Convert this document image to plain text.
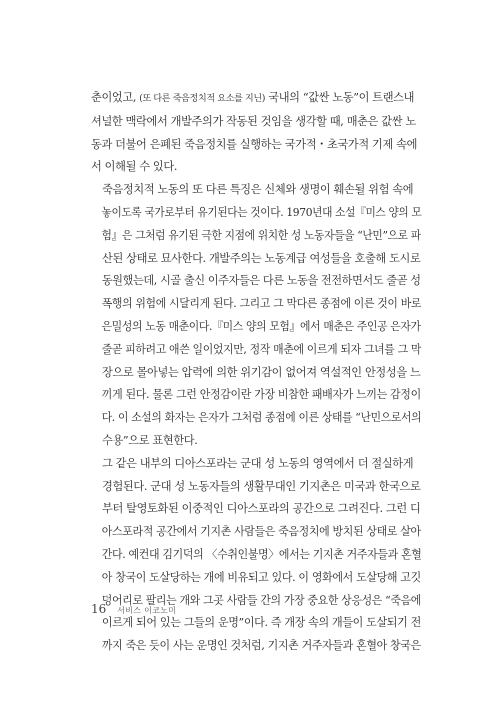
춘이었고, (또 다른 죽음정치적 요소를 지닌) 국내의 “값싼 노동”이 트랜스내
셔널한 맥락에서 개발주의가 작동된 것임을 생각할 때, 매춘은 값싼 노
동과 더불어 은폐된 죽음정치를 실행하는 국가적・초국가적 기제 속에
서 이해될 수 있다.

죽음정치적 노동의 또 다른 특징은 신체와 생명이 훼손될 위험 속에
놓이도록 국가로부터 유기된다는 것이다. 1970년대 소설『미스 양의 모
험』은 그처럼 유기된 극한 지점에 위치한 성 노동자들을 “난민”으로 파
산된 상태로 묘사한다. 개발주의는 노동계급 여성들을 호출해 도시로
동원했는데, 시골 출신 이주자들은 다른 노동을 전전하면서도 줄곧 성
폭행의 위험에 시달리게 된다. 그리고 그 막다른 종점에 이른 것이 바로
은밀성의 노동 매춘이다.『미스 양의 모험』에서 매춘은 주인공 은자가
줄곧 피하려고 애쓴 일이었지만, 정작 매춘에 이르게 되자 그녀를 그 막
장으로 몰아넣는 압력에 의한 위기감이 없어져 역설적인 안정성을 느
끼게 된다. 물론 그런 안정감이란 가장 비참한 패배자가 느끼는 감정이
다. 이 소설의 화자는 은자가 그처럼 종점에 이른 상태를 “난민으로서의
수용”으로 표현한다.

그 같은 내부의 디아스포라는 군대 성 노동의 영역에서 더 절실하게
경험된다. 군대 성 노동자들의 생활무대인 기지촌은 미국과 한국으로
부터 탈영토화된 이중적인 디아스포라의 공간으로 그려진다. 그런 디
아스포라적 공간에서 기지촌 사람들은 죽음정치에 방치된 상태로 살아
간다. 예컨대 김기덕의 〈수취인불명〉에서는 기지촌 거주자들과 혼혈
아 창국이 도살당하는 개에 비유되고 있다. 이 영화에서 도살당해 고깃
덩어리로 팔리는 개와 그곳 사람들 간의 가장 중요한 상응성은 “죽음에
이르게 되어 있는 그들의 운명”이다. 즉 개장 속의 개들이 도살되기 전
까지 죽은 듯이 사는 운명인 것처럼, 기지촌 거주자들과 혼혈아 창국은

16 서비스 이코노미
